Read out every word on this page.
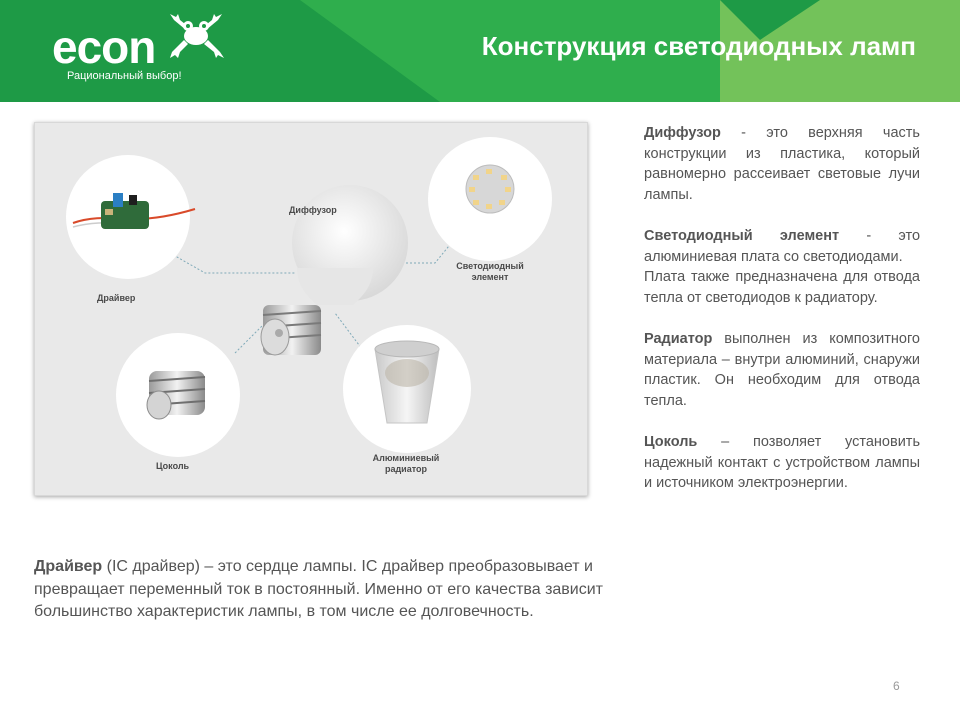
econ
Рациональный выбор!
Конструкция светодиодных ламп
Диффузор
Светодиодный
элемент
Драйвер
Цоколь
Алюминиевый
радиатор

Диффузор - это верхняя часть конструкции из пластика, который равномерно рассеивает световые лучи лампы.

Светодиодный элемент - это алюминиевая плата со светодиодами.

Плата также предназначена для отвода тепла от светодиодов к радиатору.

Радиатор выполнен из композитного материала – внутри алюминий, снаружи пластик. Он необходим для отвода тепла.

Цоколь – позволяет установить надежный контакт с устройством лампы и источником электроэнергии.

Драйвер (IC драйвер) – это сердце лампы. IC драйвер преобразовывает и превращает переменный ток в постоянный. Именно от его качества зависит большинство характеристик лампы, в том числе ее долговечность.
6
